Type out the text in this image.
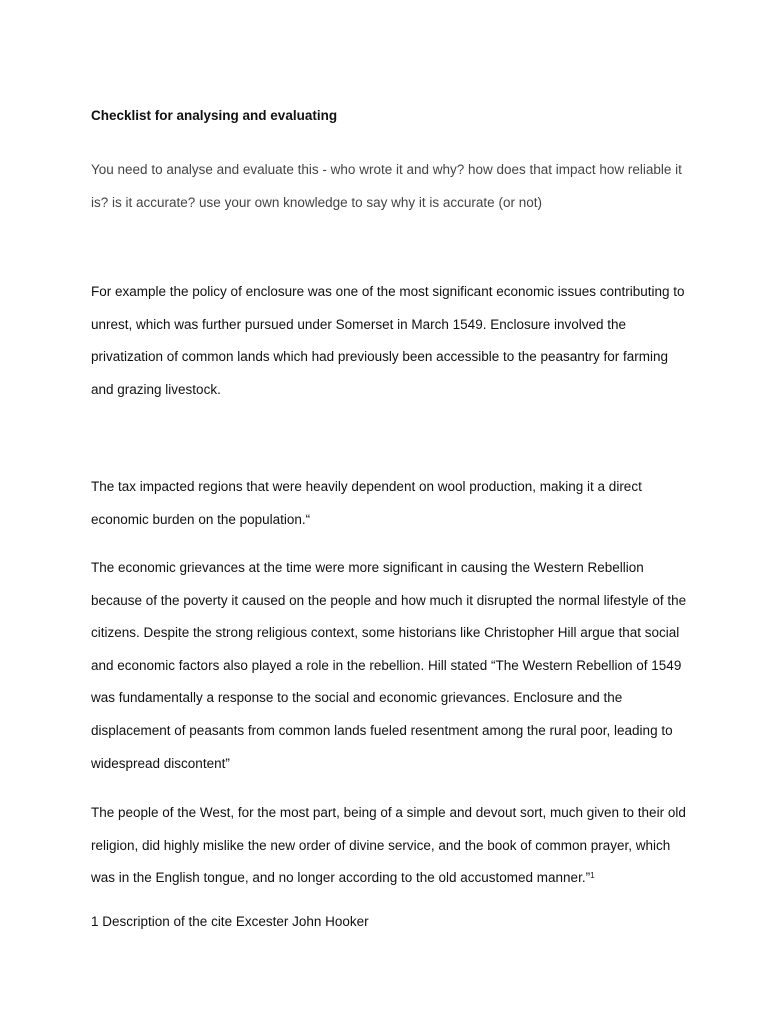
Checklist for analysing and evaluating
You need to analyse and evaluate this - who wrote it and why? how does that impact how reliable it is? is it accurate? use your own knowledge to say why it is accurate (or not)
For example the policy of enclosure was one of the most significant economic issues contributing to unrest, which was further pursued under Somerset in March 1549. Enclosure involved the privatization of common lands which had previously been accessible to the peasantry for farming and grazing livestock.
The tax impacted regions that were heavily dependent on wool production, making it a direct economic burden on the population.“
The economic grievances at the time were more significant in causing the Western Rebellion because of the poverty it caused on the people and how much it disrupted the normal lifestyle of the citizens. Despite the strong religious context, some historians like Christopher Hill argue that social and economic factors also played a role in the rebellion. Hill stated “The Western Rebellion of 1549 was fundamentally a response to the social and economic grievances. Enclosure and the displacement of peasants from common lands fueled resentment among the rural poor, leading to widespread discontent”
The people of the West, for the most part, being of a simple and devout sort, much given to their old religion, did highly mislike the new order of divine service, and the book of common prayer, which was in the English tongue, and no longer according to the old accustomed manner.”$^1$
1 Description of the cite Excester John Hooker
